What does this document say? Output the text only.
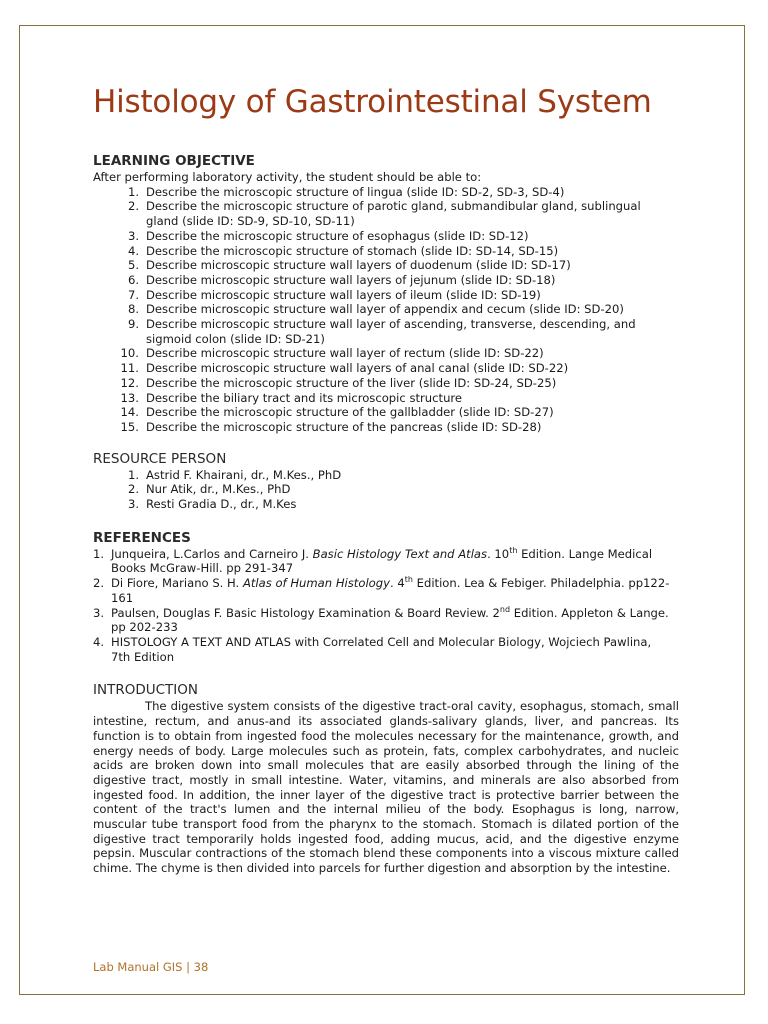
Histology of Gastrointestinal System
LEARNING OBJECTIVE
After performing laboratory activity, the student should be able to:
1. Describe the microscopic structure of lingua (slide ID: SD-2, SD-3, SD-4)
2. Describe the microscopic structure of parotic gland, submandibular gland, sublingual gland (slide ID: SD-9, SD-10, SD-11)
3. Describe the microscopic structure of esophagus (slide ID: SD-12)
4. Describe the microscopic structure of stomach (slide ID: SD-14, SD-15)
5. Describe microscopic structure wall layers of duodenum (slide ID: SD-17)
6. Describe microscopic structure wall layers of jejunum (slide ID: SD-18)
7. Describe microscopic structure wall layers of ileum (slide ID: SD-19)
8. Describe microscopic structure wall layer of appendix and cecum (slide ID: SD-20)
9. Describe microscopic structure wall layer of ascending, transverse, descending, and sigmoid colon (slide ID: SD-21)
10. Describe microscopic structure wall layer of rectum (slide ID: SD-22)
11. Describe microscopic structure wall layers of anal canal (slide ID: SD-22)
12. Describe the microscopic structure of the liver (slide ID: SD-24, SD-25)
13. Describe the biliary tract and its microscopic structure
14. Describe the microscopic structure of the gallbladder (slide ID: SD-27)
15. Describe the microscopic structure of the pancreas (slide ID: SD-28)
RESOURCE PERSON
1. Astrid F. Khairani, dr., M.Kes., PhD
2. Nur Atik, dr., M.Kes., PhD
3. Resti Gradia D., dr., M.Kes
REFERENCES
1. Junqueira, L.Carlos and Carneiro J. Basic Histology Text and Atlas. 10th Edition. Lange Medical Books McGraw-Hill. pp 291-347
2. Di Fiore, Mariano S. H. Atlas of Human Histology. 4th Edition. Lea & Febiger. Philadelphia. pp122-161
3. Paulsen, Douglas F. Basic Histology Examination & Board Review. 2nd Edition. Appleton & Lange. pp 202-233
4. HISTOLOGY A TEXT AND ATLAS with Correlated Cell and Molecular Biology, Wojciech Pawlina, 7th Edition
INTRODUCTION

The digestive system consists of the digestive tract-oral cavity, esophagus, stomach, small intestine, rectum, and anus-and its associated glands-salivary glands, liver, and pancreas. Its function is to obtain from ingested food the molecules necessary for the maintenance, growth, and energy needs of body. Large molecules such as protein, fats, complex carbohydrates, and nucleic acids are broken down into small molecules that are easily absorbed through the lining of the digestive tract, mostly in small intestine. Water, vitamins, and minerals are also absorbed from ingested food. In addition, the inner layer of the digestive tract is protective barrier between the content of the tract's lumen and the internal milieu of the body. Esophagus is long, narrow, muscular tube transport food from the pharynx to the stomach. Stomach is dilated portion of the digestive tract temporarily holds ingested food, adding mucus, acid, and the digestive enzyme pepsin. Muscular contractions of the stomach blend these components into a viscous mixture called chime. The chyme is then divided into parcels for further digestion and absorption by the intestine.

Lab Manual GIS | 38
